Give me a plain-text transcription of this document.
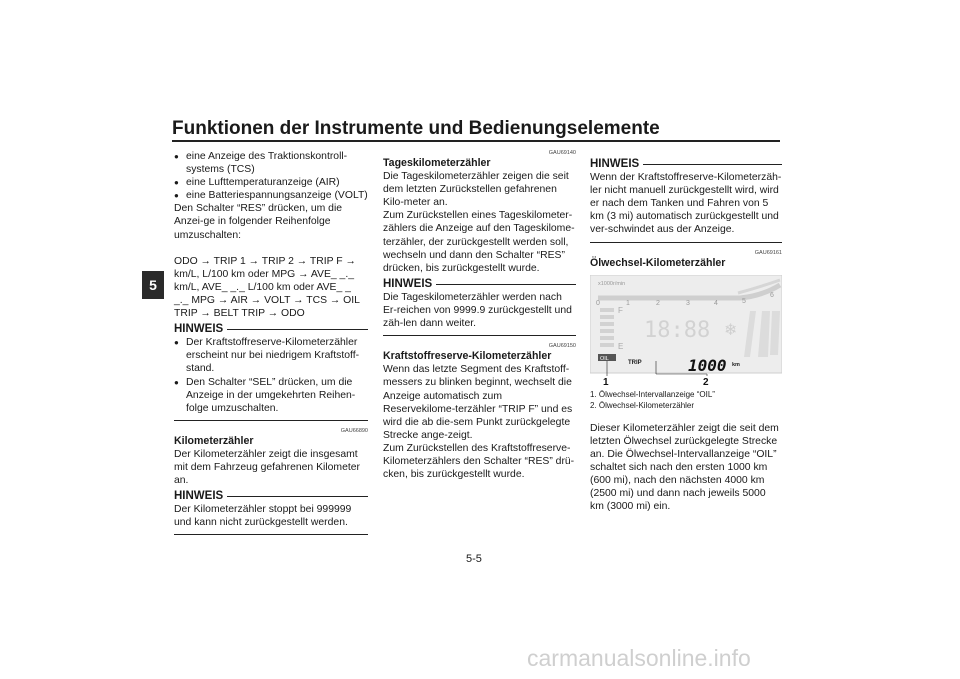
Funktionen der Instrumente und Bedienungselemente
5
● eine Anzeige des Traktionskontroll-systems (TCS)
● eine Lufttemperaturanzeige (AIR)
● eine Batteriespannungsanzeige (VOLT)

Den Schalter “RES” drücken, um die Anzei-ge in folgender Reihenfolge umzuschalten:

ODO → TRIP 1 → TRIP 2 → TRIP F → km/L, L/100 km oder MPG → AVE_ _._ km/L, AVE_ _._ L/100 km oder AVE_ _ _._ MPG → AIR → VOLT → TCS → OIL TRIP → BELT TRIP → ODO

HINWEIS
● Der Kraftstoffreserve-Kilometerzähler erscheint nur bei niedrigem Kraftstoff-stand.
● Den Schalter “SEL” drücken, um die Anzeige in der umgekehrten Reihen-folge umzuschalten.
GAU66890

Kilometerzähler

Der Kilometerzähler zeigt die insgesamt mit dem Fahrzeug gefahrenen Kilometer an.

HINWEIS

Der Kilometerzähler stoppt bei 999999 und kann nicht zurückgestellt werden.

GAU69140

Tageskilometerzähler

Die Tageskilometerzähler zeigen die seit dem letzten Zurückstellen gefahrenen Kilo-meter an.

Zum Zurückstellen eines Tageskilometer-zählers die Anzeige auf den Tageskilome-terzähler, der zurückgestellt werden soll, wechseln und dann den Schalter “RES” drücken, bis zurückgestellt wurde.

HINWEIS

Die Tageskilometerzähler werden nach Er-reichen von 9999.9 zurückgestellt und zäh-len dann weiter.

GAU69150

Kraftstoffreserve-Kilometerzähler

Wenn das letzte Segment des Kraftstoff-messers zu blinken beginnt, wechselt die Anzeige automatisch zum Reservekilome-terzähler “TRIP F” und es wird die ab die-sem Punkt zurückgelegte Strecke ange-zeigt.

Zum Zurückstellen des Kraftstoffreserve-Kilometerzählers den Schalter “RES” drü-cken, bis zurückgestellt wurde.

HINWEIS

Wenn der Kraftstoffreserve-Kilometerzäh-ler nicht manuell zurückgestellt wird, wird er nach dem Tanken und Fahren von 5 km (3 mi) automatisch zurückgestellt und ver-schwindet aus der Anzeige.

GAU69161

Ölwechsel-Kilometerzähler

x1000r/min
0	1	2	3	4	5
6
F
E
18:88 ❄
OIL
TRIP	1000 km
1	2

1. Ölwechsel-Intervallanzeige “OIL”

2. Ölwechsel-Kilometerzähler

Dieser Kilometerzähler zeigt die seit dem letzten Ölwechsel zurückgelegte Strecke an. Die Ölwechsel-Intervallanzeige “OIL” schaltet sich nach den ersten 1000 km (600 mi), nach den nächsten 4000 km (2500 mi) und dann nach jeweils 5000 km (3000 mi) ein.

5-5
carmanualsonline.info
